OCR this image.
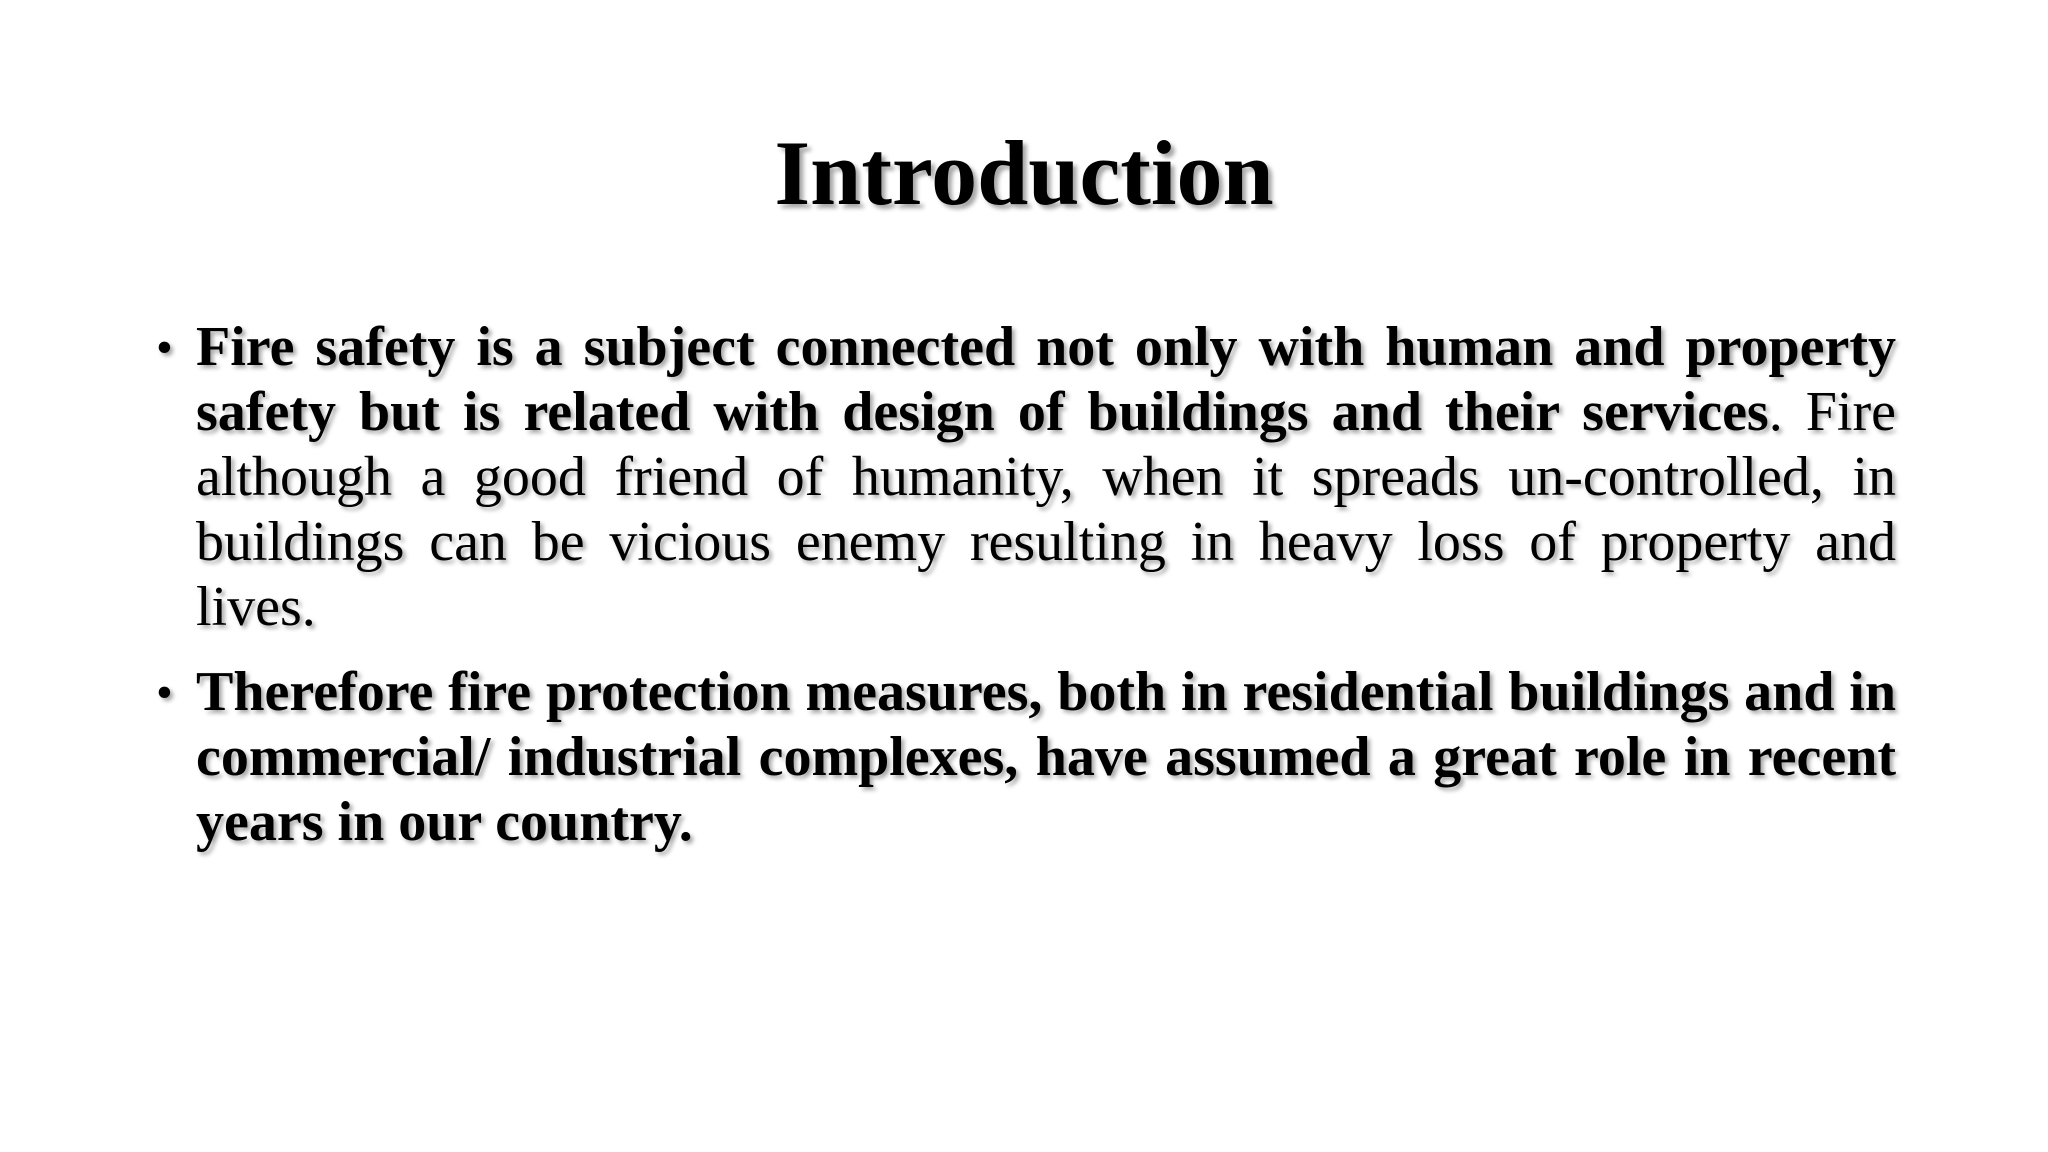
Introduction
• Fire safety is a subject connected not only with human and property safety but is related with design of buildings and their services. Fire although a good friend of humanity, when it spreads un-controlled, in buildings can be vicious enemy resulting in heavy loss of property and lives.
• Therefore fire protection measures, both in residential buildings and in commercial/ industrial complexes, have assumed a great role in recent years in our country.
